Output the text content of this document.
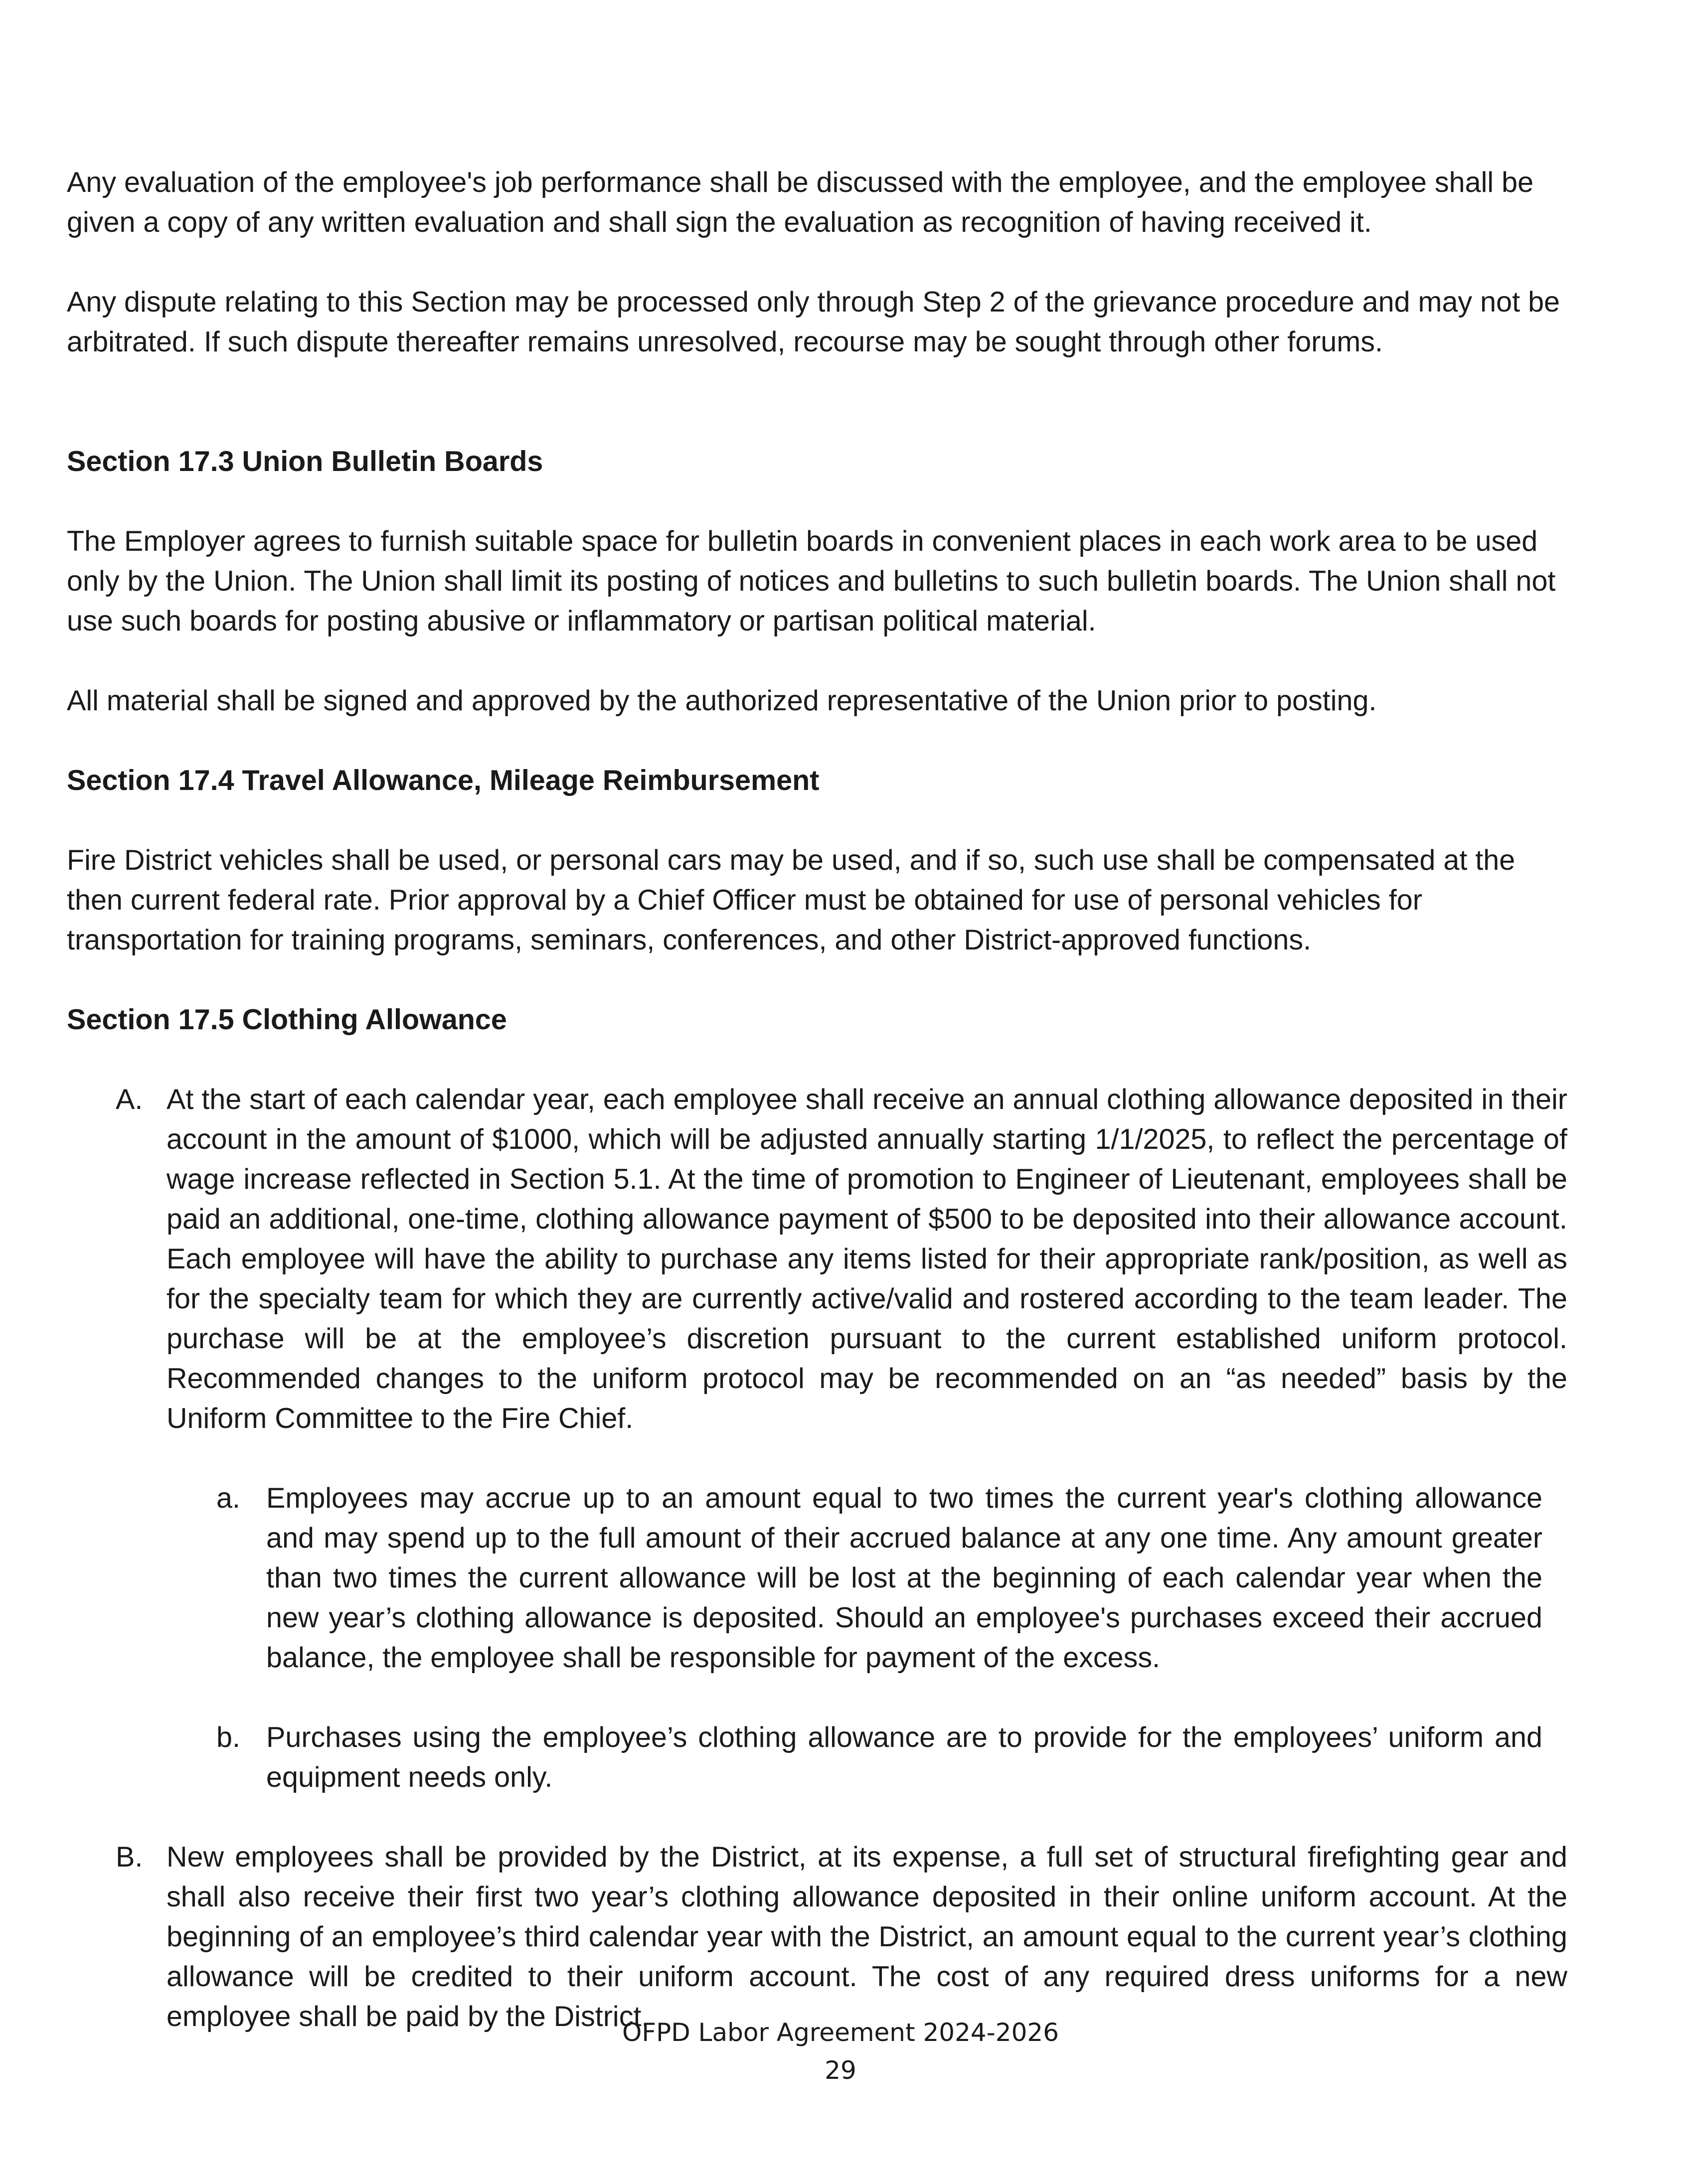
Any evaluation of the employee's job performance shall be discussed with the employee, and the employee shall be given a copy of any written evaluation and shall sign the evaluation as recognition of having received it.

Any dispute relating to this Section may be processed only through Step 2 of the grievance procedure and may not be arbitrated. If such dispute thereafter remains unresolved, recourse may be sought through other forums.

Section 17.3 Union Bulletin Boards

The Employer agrees to furnish suitable space for bulletin boards in convenient places in each work area to be used only by the Union. The Union shall limit its posting of notices and bulletins to such bulletin boards. The Union shall not use such boards for posting abusive or inflammatory or partisan political material.

All material shall be signed and approved by the authorized representative of the Union prior to posting.

Section 17.4 Travel Allowance, Mileage Reimbursement

Fire District vehicles shall be used, or personal cars may be used, and if so, such use shall be compensated at the then current federal rate. Prior approval by a Chief Officer must be obtained for use of personal vehicles for transportation for training programs, seminars, conferences, and other District-approved functions.

Section 17.5 Clothing Allowance

A. At the start of each calendar year, each employee shall receive an annual clothing allowance deposited in their account in the amount of $1000, which will be adjusted annually starting 1/1/2025, to reflect the percentage of wage increase reflected in Section 5.1. At the time of promotion to Engineer of Lieutenant, employees shall be paid an additional, one-time, clothing allowance payment of $500 to be deposited into their allowance account. Each employee will have the ability to purchase any items listed for their appropriate rank/position, as well as for the specialty team for which they are currently active/valid and rostered according to the team leader. The purchase will be at the employee’s discretion pursuant to the current established uniform protocol. Recommended changes to the uniform protocol may be recommended on an “as needed” basis by the Uniform Committee to the Fire Chief.

a. Employees may accrue up to an amount equal to two times the current year's clothing allowance and may spend up to the full amount of their accrued balance at any one time. Any amount greater than two times the current allowance will be lost at the beginning of each calendar year when the new year’s clothing allowance is deposited. Should an employee's purchases exceed their accrued balance, the employee shall be responsible for payment of the excess.

b. Purchases using the employee’s clothing allowance are to provide for the employees’ uniform and equipment needs only.

B. New employees shall be provided by the District, at its expense, a full set of structural firefighting gear and shall also receive their first two year’s clothing allowance deposited in their online uniform account. At the beginning of an employee’s third calendar year with the District, an amount equal to the current year’s clothing allowance will be credited to their uniform account. The cost of any required dress uniforms for a new employee shall be paid by the District.

OFPD Labor Agreement 2024-2026
29
